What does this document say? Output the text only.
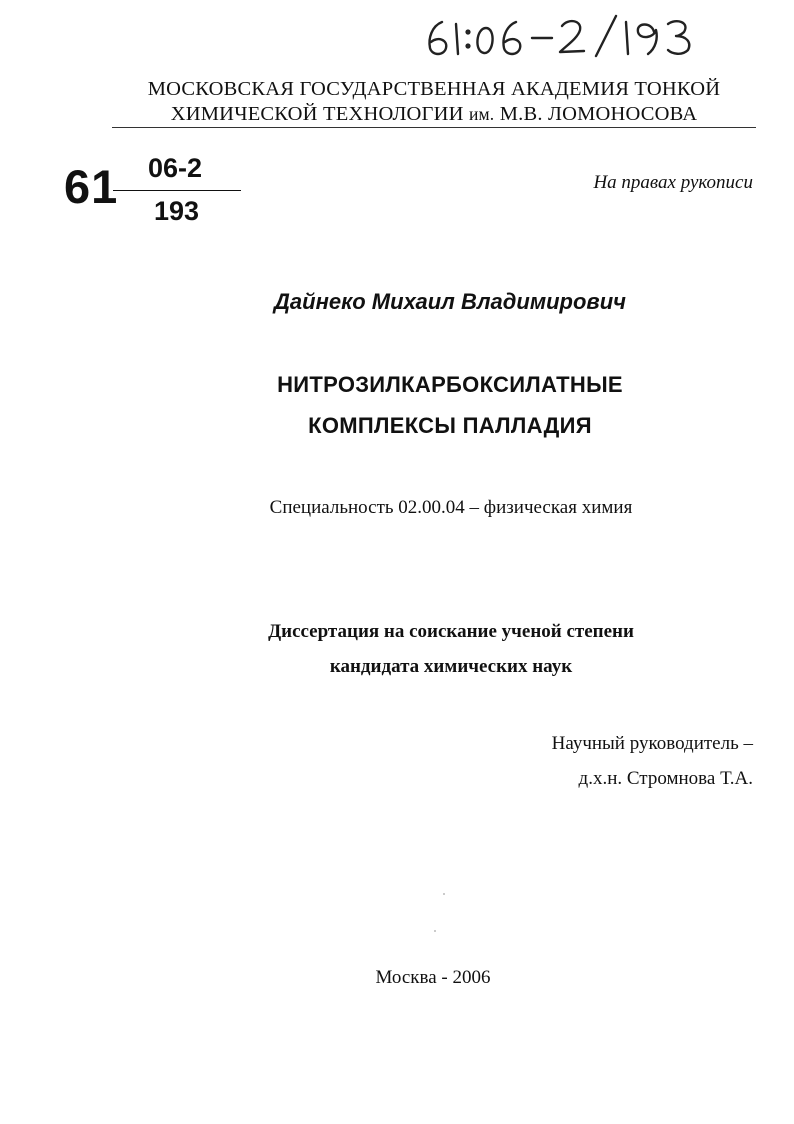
МОСКОВСКАЯ ГОСУДАРСТВЕННАЯ АКАДЕМИЯ ТОНКОЙ
ХИМИЧЕСКОЙ ТЕХНОЛОГИИ им. М.В. ЛОМОНОСОВА
61 06-2
193
На правах рукописи
Дайнеко Михаил Владимирович
НИТРОЗИЛКАРБОКСИЛАТНЫЕ
КОМПЛЕКСЫ ПАЛЛАДИЯ
Специальность 02.00.04 – физическая химия
Диссертация на соискание ученой степени
кандидата химических наук
Научный руководитель –
д.х.н. Стромнова Т.А.
Москва - 2006
